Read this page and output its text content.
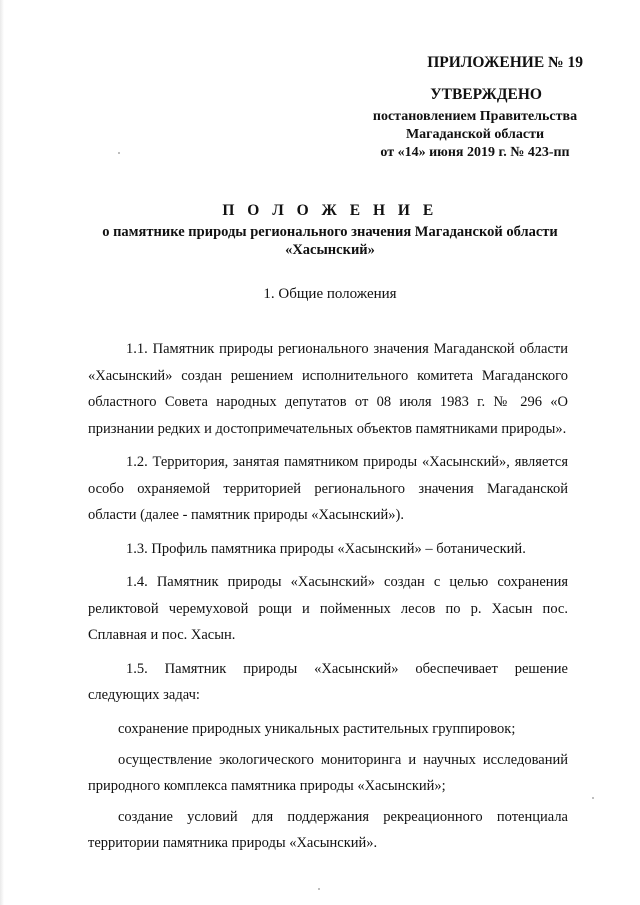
ПРИЛОЖЕНИЕ № 19
УТВЕРЖДЕНО
постановлением Правительства
Магаданской области
от «14» июня 2019 г. № 423-пп
П О Л О Ж Е Н И Е
о памятнике природы регионального значения Магаданской области «Хасынский»
1. Общие положения

1.1. Памятник природы регионального значения Магаданской области «Хасынский» создан решением исполнительного комитета Магаданского областного Совета народных депутатов от 08 июля 1983 г. № 296 «О признании редких и достопримечательных объектов памятниками природы».

1.2. Территория, занятая памятником природы «Хасынский», является особо охраняемой территорией регионального значения Магаданской области (далее - памятник природы «Хасынский»).

1.3. Профиль памятника природы «Хасынский» – ботанический.

1.4. Памятник природы «Хасынский» создан с целью сохранения реликтовой черемуховой рощи и пойменных лесов по р. Хасын пос. Сплавная и пос. Хасын.

1.5. Памятник природы «Хасынский» обеспечивает решение следующих задач:

сохранение природных уникальных растительных группировок;

осуществление экологического мониторинга и научных исследований природного комплекса памятника природы «Хасынский»;

создание условий для поддержания рекреационного потенциала территории памятника природы «Хасынский».
